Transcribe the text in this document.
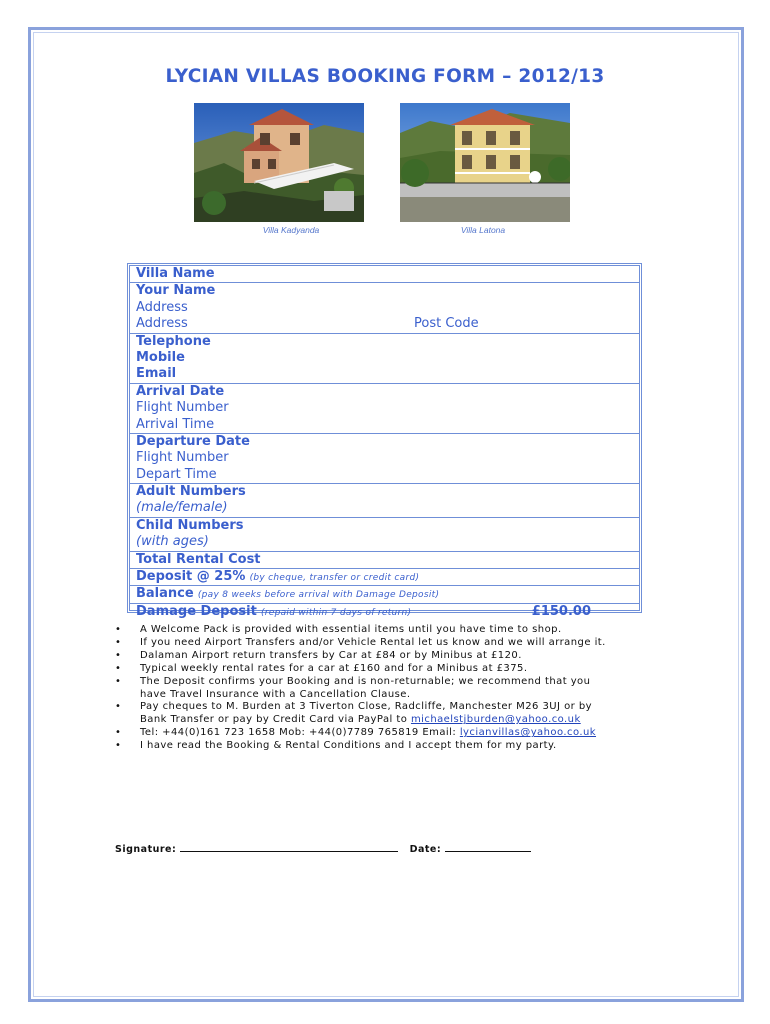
LYCIAN VILLAS BOOKING FORM – 2012/13
Villa Kadyanda	Villa Latona
Villa Name
Your Name
Address
Address	Post Code
Telephone
Mobile
Email
Arrival Date
Flight Number
Arrival Time
Departure Date
Flight Number
Depart Time
Adult Numbers
(male/female)
Child Numbers
(with ages)
Total Rental Cost
Deposit @ 25% (by cheque, transfer or credit card)
Balance (pay 8 weeks before arrival with Damage Deposit)
Damage Deposit (repaid within 7 days of return)	£150.00
• A Welcome Pack is provided with essential items until you have time to shop.
• If you need Airport Transfers and/or Vehicle Rental let us know and we will arrange it.
• Dalaman Airport return transfers by Car at £84 or by Minibus at £120.
• Typical weekly rental rates for a car at £160 and for a Minibus at £375.
• The Deposit confirms your Booking and is non-returnable; we recommend that you
have Travel Insurance with a Cancellation Clause.
• Pay cheques to M. Burden at 3 Tiverton Close, Radcliffe, Manchester M26 3UJ or by
Bank Transfer or pay by Credit Card via PayPal to michaelstjburden@yahoo.co.uk
• Tel: +44(0)161 723 1658 Mob: +44(0)7789 765819 Email: lycianvillas@yahoo.co.uk
• I have read the Booking & Rental Conditions and I accept them for my party.
Signature:	Date:
